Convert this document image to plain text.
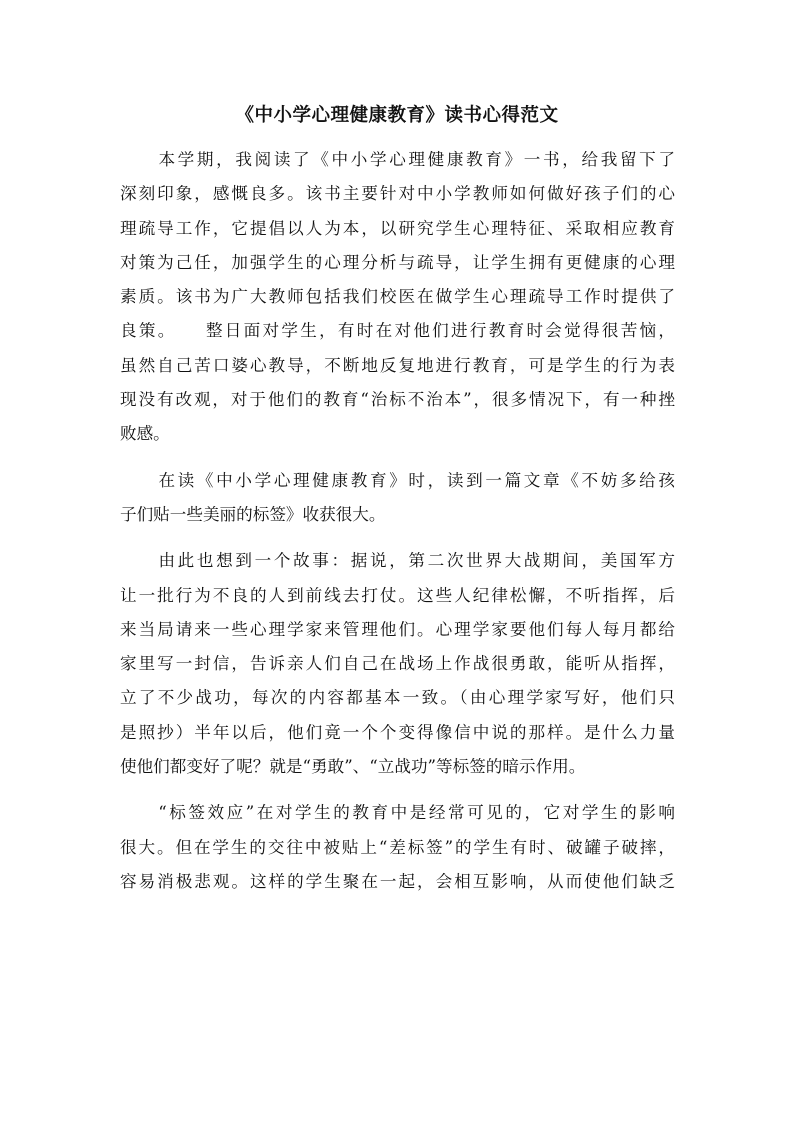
《中小学心理健康教育》读书心得范文
　　本学期，我阅读了《中小学心理健康教育》一书，给我留下了
深刻印象，感慨良多。该书主要针对中小学教师如何做好孩子们的心
理疏导工作，它提倡以人为本，以研究学生心理特征、采取相应教育
对策为己任，加强学生的心理分析与疏导，让学生拥有更健康的心理
素质。该书为广大教师包括我们校医在做学生心理疏导工作时提供了
良策。　　整日面对学生，有时在对他们进行教育时会觉得很苦恼，
虽然自己苦口婆心教导，不断地反复地进行教育，可是学生的行为表
现没有改观，对于他们的教育“治标不治本”，很多情况下，有一种挫
败感。
　　在读《中小学心理健康教育》时，读到一篇文章《不妨多给孩
子们贴一些美丽的标签》收获很大。
　　由此也想到一个故事：据说，第二次世界大战期间，美国军方
让一批行为不良的人到前线去打仗。这些人纪律松懈，不听指挥，后
来当局请来一些心理学家来管理他们。心理学家要他们每人每月都给
家里写一封信，告诉亲人们自己在战场上作战很勇敢，能听从指挥，
立了不少战功，每次的内容都基本一致。（由心理学家写好，他们只
是照抄）半年以后，他们竟一个个变得像信中说的那样。是什么力量
使他们都变好了呢？就是“勇敢”、“立战功”等标签的暗示作用。
　　“标签效应”在对学生的教育中是经常可见的，它对学生的影响
很大。但在学生的交往中被贴上“差标签”的学生有时、破罐子破摔，
容易消极悲观。这样的学生聚在一起，会相互影响，从而使他们缺乏
